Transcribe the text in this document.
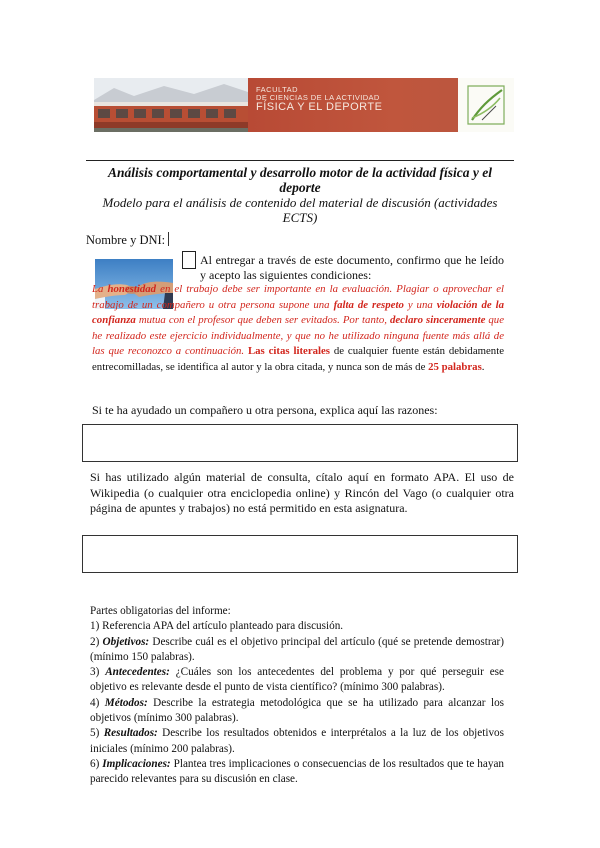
FACULTAD
DE CIENCIAS DE LA ACTIVIDAD
FÍSICA Y EL DEPORTE
Análisis comportamental y desarrollo motor de la actividad física y el deporte
Modelo para el análisis de contenido del material de discusión (actividades ECTS)
Nombre y DNI:
Al entregar a través de este documento, confirmo que he leído y acepto las siguientes condiciones:
La honestidad en el trabajo debe ser importante en la evaluación. Plagiar o aprovechar el trabajo de un compañero u otra persona supone una falta de respeto y una violación de la confianza mutua con el profesor que deben ser evitados. Por tanto, declaro sinceramente que he realizado este ejercicio individualmente, y que no he utilizado ninguna fuente más allá de las que reconozco a continuación. Las citas literales de cualquier fuente están debidamente entrecomilladas, se identifica al autor y la obra citada, y nunca son de más de 25 palabras.
Si te ha ayudado un compañero u otra persona, explica aquí las razones:
Si has utilizado algún material de consulta, cítalo aquí en formato APA. El uso de Wikipedia (o cualquier otra enciclopedia online) y Rincón del Vago (o cualquier otra página de apuntes y trabajos) no está permitido en esta asignatura.
Partes obligatorias del informe:
1) Referencia APA del artículo planteado para discusión.
2) Objetivos: Describe cuál es el objetivo principal del artículo (qué se pretende demostrar) (mínimo 150 palabras).
3) Antecedentes: ¿Cuáles son los antecedentes del problema y por qué perseguir ese objetivo es relevante desde el punto de vista científico? (mínimo 300 palabras).
4) Métodos: Describe la estrategia metodológica que se ha utilizado para alcanzar los objetivos (mínimo 300 palabras).
5) Resultados: Describe los resultados obtenidos e interprétalos a la luz de los objetivos iniciales (mínimo 200 palabras).
6) Implicaciones: Plantea tres implicaciones o consecuencias de los resultados que te hayan parecido relevantes para su discusión en clase.
